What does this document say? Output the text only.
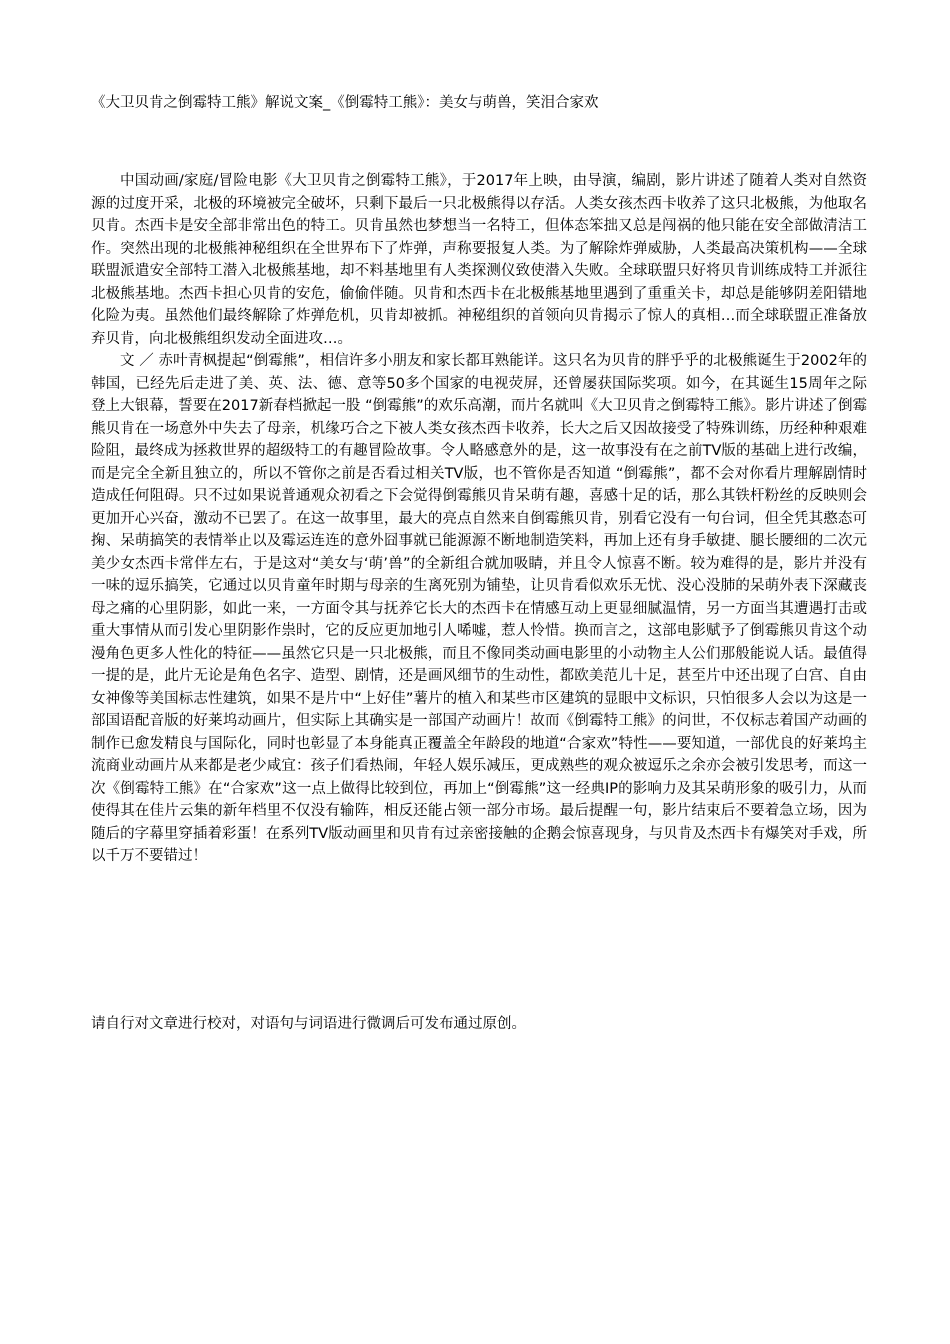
《大卫贝肯之倒霉特工熊》解说文案_《倒霉特工熊》：美女与萌兽，笑泪合家欢

中国动画/家庭/冒险电影《大卫贝肯之倒霉特工熊》，于2017年上映，由导演，编剧，影片讲述了随着人类对自然资源的过度开采，北极的环境被完全破坏，只剩下最后一只北极熊得以存活。人类女孩杰西卡收养了这只北极熊，为他取名贝肯。杰西卡是安全部非常出色的特工。贝肯虽然也梦想当一名特工，但体态笨拙又总是闯祸的他只能在安全部做清洁工作。突然出现的北极熊神秘组织在全世界布下了炸弹，声称要报复人类。为了解除炸弹威胁，人类最高决策机构——全球联盟派遣安全部特工潜入北极熊基地，却不料基地里有人类探测仪致使潜入失败。全球联盟只好将贝肯训练成特工并派往北极熊基地。杰西卡担心贝肯的安危，偷偷伴随。贝肯和杰西卡在北极熊基地里遇到了重重关卡，却总是能够阴差阳错地化险为夷。虽然他们最终解除了炸弹危机，贝肯却被抓。神秘组织的首领向贝肯揭示了惊人的真相…而全球联盟正准备放弃贝肯，向北极熊组织发动全面进攻…。

文 ／ 赤叶青枫提起“倒霉熊”，相信许多小朋友和家长都耳熟能详。这只名为贝肯的胖乎乎的北极熊诞生于2002年的韩国，已经先后走进了美、英、法、德、意等50多个国家的电视荧屏，还曾屡获国际奖项。如今，在其诞生15周年之际登上大银幕，誓要在2017新春档掀起一股 “倒霉熊”的欢乐高潮，而片名就叫《大卫贝肯之倒霉特工熊》。影片讲述了倒霉熊贝肯在一场意外中失去了母亲，机缘巧合之下被人类女孩杰西卡收养，长大之后又因故接受了特殊训练，历经种种艰难险阻，最终成为拯救世界的超级特工的有趣冒险故事。令人略感意外的是，这一故事没有在之前TV版的基础上进行改编，而是完全全新且独立的，所以不管你之前是否看过相关TV版，也不管你是否知道 “倒霉熊”，都不会对你看片理解剧情时造成任何阻碍。只不过如果说普通观众初看之下会觉得倒霉熊贝肯呆萌有趣，喜感十足的话，那么其铁杆粉丝的反映则会更加开心兴奋，激动不已罢了。在这一故事里，最大的亮点自然来自倒霉熊贝肯，别看它没有一句台词，但全凭其憨态可掬、呆萌搞笑的表情举止以及霉运连连的意外囧事就已能源源不断地制造笑料，再加上还有身手敏捷、腿长腰细的二次元美少女杰西卡常伴左右，于是这对“美女与‘萌’兽”的全新组合就加吸睛，并且令人惊喜不断。较为难得的是，影片并没有一味的逗乐搞笑，它通过以贝肯童年时期与母亲的生离死别为铺垫，让贝肯看似欢乐无忧、没心没肺的呆萌外表下深藏丧母之痛的心里阴影，如此一来，一方面令其与抚养它长大的杰西卡在情感互动上更显细腻温情，另一方面当其遭遇打击或重大事情从而引发心里阴影作祟时，它的反应更加地引人唏嘘，惹人怜惜。换而言之，这部电影赋予了倒霉熊贝肯这个动漫角色更多人性化的特征——虽然它只是一只北极熊，而且不像同类动画电影里的小动物主人公们那般能说人话。最值得一提的是，此片无论是角色名字、造型、剧情，还是画风细节的生动性，都欧美范儿十足，甚至片中还出现了白宫、自由女神像等美国标志性建筑，如果不是片中“上好佳”薯片的植入和某些市区建筑的显眼中文标识，只怕很多人会以为这是一部国语配音版的好莱坞动画片，但实际上其确实是一部国产动画片！故而《倒霉特工熊》的问世，不仅标志着国产动画的制作已愈发精良与国际化，同时也彰显了本身能真正覆盖全年龄段的地道“合家欢”特性——要知道，一部优良的好莱坞主流商业动画片从来都是老少咸宜：孩子们看热闹，年轻人娱乐减压，更成熟些的观众被逗乐之余亦会被引发思考，而这一次《倒霉特工熊》在“合家欢”这一点上做得比较到位，再加上“倒霉熊”这一经典IP的影响力及其呆萌形象的吸引力，从而使得其在佳片云集的新年档里不仅没有输阵，相反还能占领一部分市场。最后提醒一句，影片结束后不要着急立场，因为随后的字幕里穿插着彩蛋！在系列TV版动画里和贝肯有过亲密接触的企鹅会惊喜现身，与贝肯及杰西卡有爆笑对手戏，所以千万不要错过！

请自行对文章进行校对，对语句与词语进行微调后可发布通过原创。
